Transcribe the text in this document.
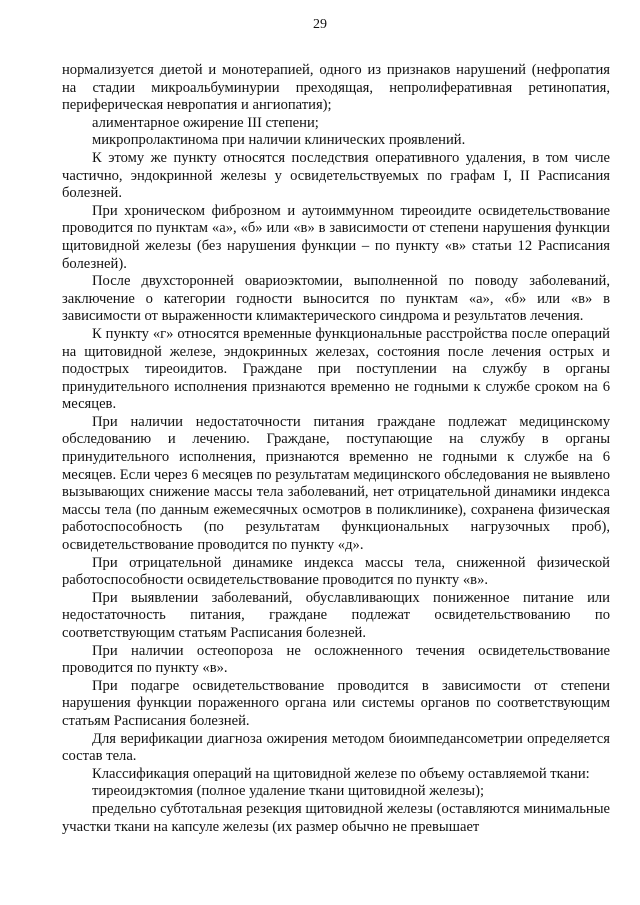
29

нормализуется диетой и монотерапией, одного из признаков нарушений (нефропатия на стадии микроальбуминурии преходящая, непролиферативная ретинопатия, периферическая невропатия и ангиопатия);

алиментарное ожирение III степени;

микропролактинома при наличии клинических проявлений.

К этому же пункту относятся последствия оперативного удаления, в том числе частично, эндокринной железы у освидетельствуемых по графам I, II Расписания болезней.

При хроническом фиброзном и аутоиммунном тиреоидите освидетельствование проводится по пунктам «а», «б» или «в» в зависимости от степени нарушения функции щитовидной железы (без нарушения функции – по пункту «в» статьи 12 Расписания болезней).

После двухсторонней овариоэктомии, выполненной по поводу заболеваний, заключение о категории годности выносится по пунктам «а», «б» или «в» в зависимости от выраженности климактерического синдрома и результатов лечения.

К пункту «г» относятся временные функциональные расстройства после операций на щитовидной железе, эндокринных железах, состояния после лечения острых и подострых тиреоидитов. Граждане при поступлении на службу в органы принудительного исполнения признаются временно не годными к службе сроком на 6 месяцев.

При наличии недостаточности питания граждане подлежат медицинскому обследованию и лечению. Граждане, поступающие на службу в органы принудительного исполнения, признаются временно не годными к службе на 6 месяцев. Если через 6 месяцев по результатам медицинского обследования не выявлено вызывающих снижение массы тела заболеваний, нет отрицательной динамики индекса массы тела (по данным ежемесячных осмотров в поликлинике), сохранена физическая работоспособность (по результатам функциональных нагрузочных проб), освидетельствование проводится по пункту «д».

При отрицательной динамике индекса массы тела, сниженной физической работоспособности освидетельствование проводится по пункту «в».

При выявлении заболеваний, обуславливающих пониженное питание или недостаточность питания, граждане подлежат освидетельствованию по соответствующим статьям Расписания болезней.

При наличии остеопороза не осложненного течения освидетельствование проводится по пункту «в».

При подагре освидетельствование проводится в зависимости от степени нарушения функции пораженного органа или системы органов по соответствующим статьям Расписания болезней.

Для верификации диагноза ожирения методом биоимпедансометрии определяется состав тела.

Классификация операций на щитовидной железе по объему оставляемой ткани:

тиреоидэктомия (полное удаление ткани щитовидной железы);

предельно субтотальная резекция щитовидной железы (оставляются минимальные участки ткани на капсуле железы (их размер обычно не превышает
